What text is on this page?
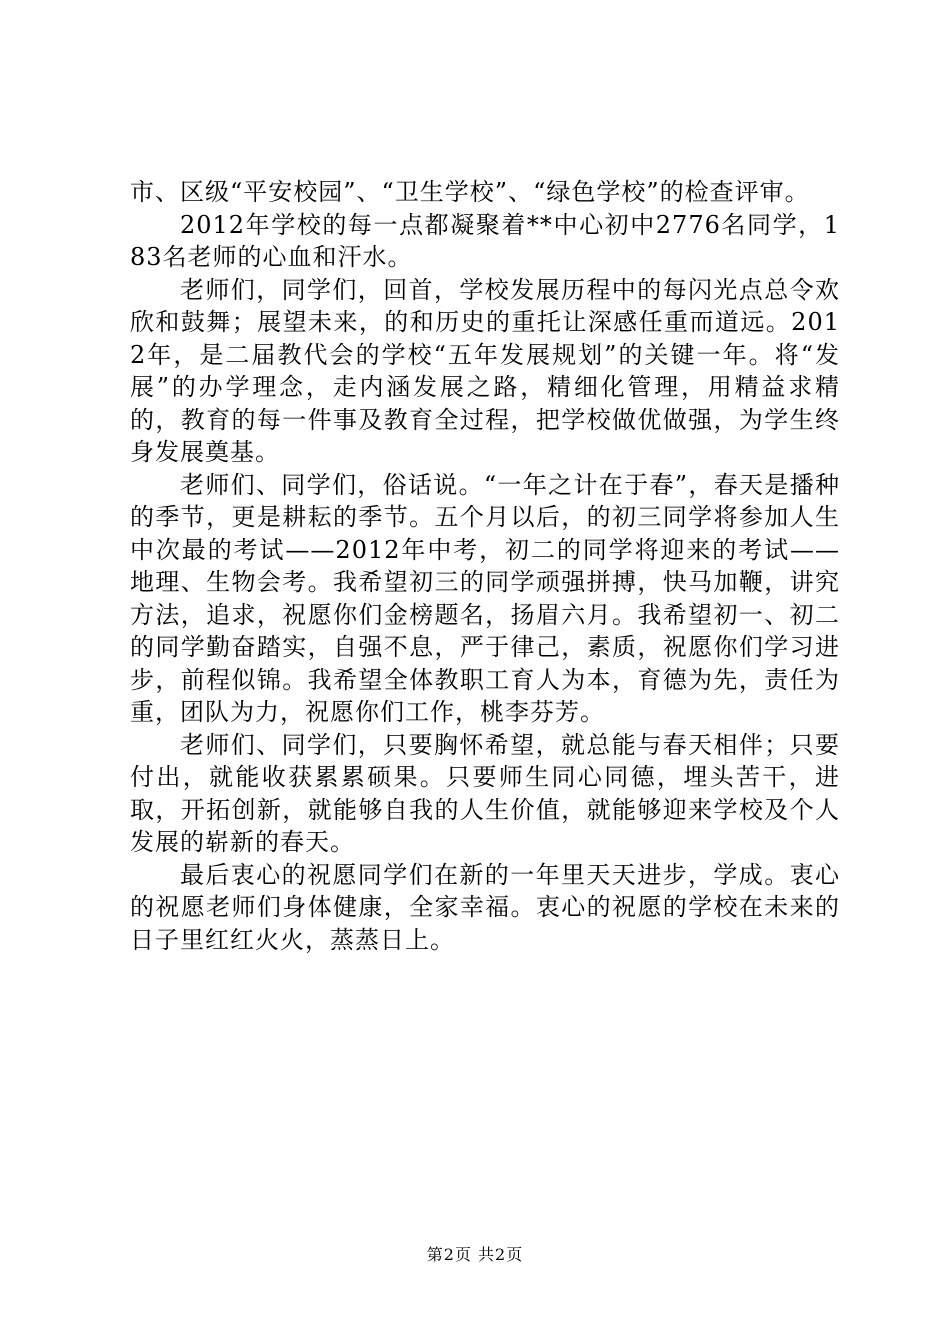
市、区级“平安校园”、“卫生学校”、“绿色学校”的检查评审。

2012年学校的每一点都凝聚着**中心初中2776名同学，183名老师的心血和汗水。

老师们，同学们，回首，学校发展历程中的每闪光点总令欢欣和鼓舞；展望未来，的和历史的重托让深感任重而道远。2012年，是二届教代会的学校“五年发展规划”的关键一年。将“发展”的办学理念，走内涵发展之路，精细化管理，用精益求精的，教育的每一件事及教育全过程，把学校做优做强，为学生终身发展奠基。

老师们、同学们，俗话说。“一年之计在于春”，春天是播种的季节，更是耕耘的季节。五个月以后，的初三同学将参加人生中次最的考试——2012年中考，初二的同学将迎来的考试——地理、生物会考。我希望初三的同学顽强拼搏，快马加鞭，讲究方法，追求，祝愿你们金榜题名，扬眉六月。我希望初一、初二的同学勤奋踏实，自强不息，严于律己，素质，祝愿你们学习进步，前程似锦。我希望全体教职工育人为本，育德为先，责任为重，团队为力，祝愿你们工作，桃李芬芳。

老师们、同学们，只要胸怀希望，就总能与春天相伴；只要付出，就能收获累累硕果。只要师生同心同德，埋头苦干，进取，开拓创新，就能够自我的人生价值，就能够迎来学校及个人发展的崭新的春天。

最后衷心的祝愿同学们在新的一年里天天进步，学成。衷心的祝愿老师们身体健康，全家幸福。衷心的祝愿的学校在未来的日子里红红火火，蒸蒸日上。

第2页 共2页
